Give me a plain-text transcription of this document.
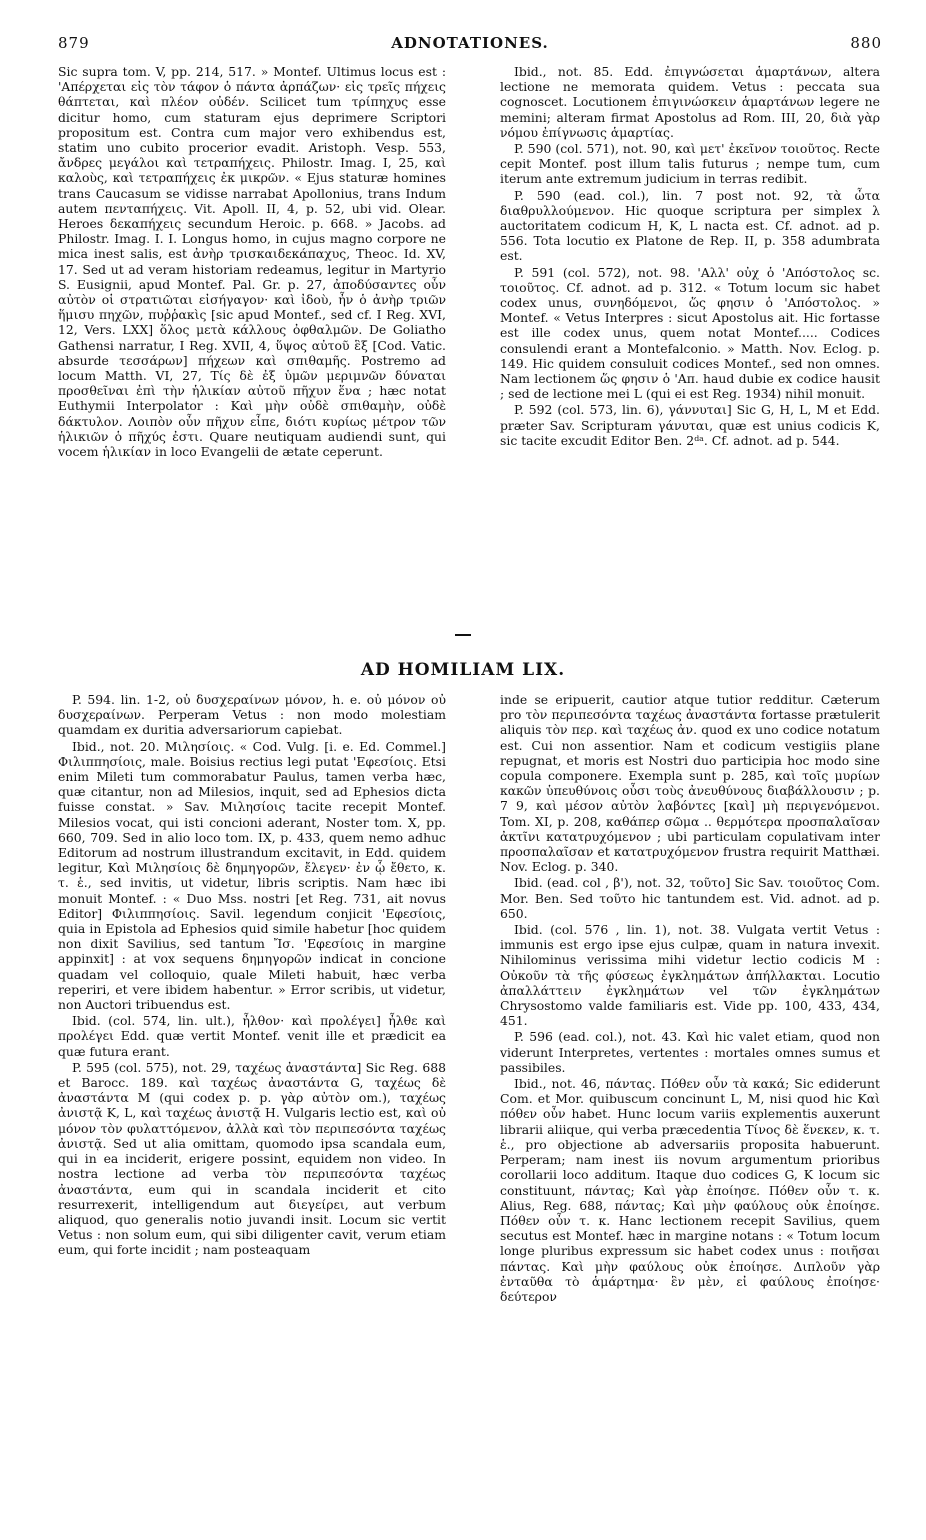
879	ADNOTATIONES.	880

Sic supra tom. V, pp. 214, 517. » Montef. Ultimus locus est : 'Απέρχεται εἰς τὸν τάφον ὁ πάντα ἀρπάζων· εἰς τρεῖς πήχεις θάπτεται, καὶ πλέον οὐδέν. Scilicet tum τρίπηχυς esse dicitur homo, cum staturam ejus deprimere Scriptori propositum est. Contra cum major vero exhibendus est, statim uno cubito procerior evadit. Aristoph. Vesp. 553, ἄνδρες μεγάλοι καὶ τετραπήχεις. Philostr. Imag. I, 25, καὶ καλοὺς, καὶ τετραπήχεις ἐκ μικρῶν. « Ejus staturæ homines trans Caucasum se vidisse narrabat Apollonius, trans Indum autem πενταπήχεις. Vit. Apoll. II, 4, p. 52, ubi vid. Olear. Heroes δεκαπήχεις secundum Heroic. p. 668. » Jacobs. ad Philostr. Imag. I. I. Longus homo, in cujus magno corpore ne mica inest salis, est ἀνὴρ τρισκαιδεκάπαχυς, Theoc. Id. XV, 17. Sed ut ad veram historiam redeamus, legitur in Martyrio S. Eusignii, apud Montef. Pal. Gr. p. 27, ἀποδύσαντες οὖν αὐτὸν οἱ στρατιῶται εἰσήγαγον· καὶ ἰδοὺ, ἦν ὁ ἀνὴρ τριῶν ἥμισυ πηχῶν, πυῤῥακὶς [sic apud Montef., sed cf. I Reg. XVI, 12, Vers. LXX] ὅλος μετὰ κάλλους ὀφθαλμῶν. De Goliatho Gathensi narratur, I Reg. XVII, 4, ὕψος αὐτοῦ ἓξ [Cod. Vatic. absurde τεσσάρων] πήχεων καὶ σπιθαμῆς. Postremo ad locum Matth. VI, 27, Τίς δὲ ἐξ ὑμῶν μεριμνῶν δύναται προσθεῖναι ἐπὶ τὴν ἡλικίαν αὐτοῦ πῆχυν ἕνα ; hæc notat Euthymii Interpolator : Καὶ μὴν οὐδὲ σπιθαμὴν, οὐδὲ δάκτυλον. Λοιπὸν οὖν πῆχυν εἶπε, διότι κυρίως μέτρον τῶν ἡλικιῶν ὁ πῆχύς ἐστι. Quare neutiquam audiendi sunt, qui vocem ἡλικίαν in loco Evangelii de ætate ceperunt.

Ibid., not. 85. Edd. ἐπιγνώσεται ἁμαρτάνων, altera lectione ne memorata quidem. Vetus : peccata sua cognoscet. Locutionem ἐπιγινώσκειν ἁμαρτάνων legere ne memini; alteram firmat Apostolus ad Rom. III, 20, διὰ γὰρ νόμου ἐπίγνωσις ἁμαρτίας.

P. 590 (col. 571), not. 90, καὶ μετ' ἐκεῖνον τοιοῦτος. Recte cepit Montef. post illum talis futurus ; nempe tum, cum iterum ante extremum judicium in terras redibit.

P. 590 (ead. col.), lin. 7 post not. 92, τὰ ὦτα διαθρυλλούμενον. Hic quoque scriptura per simplex λ auctoritatem codicum H, K, L nacta est. Cf. adnot. ad p. 556. Tota locutio ex Platone de Rep. II, p. 358 adumbrata est.

P. 591 (col. 572), not. 98. 'Αλλ' οὐχ ὁ 'Απόστολος sc. τοιοῦτος. Cf. adnot. ad p. 312. « Totum locum sic habet codex unus, συνηδόμενοι, ὥς φησιν ὁ 'Απόστολος. » Montef. « Vetus Interpres : sicut Apostolus ait. Hic fortasse est ille codex unus, quem notat Montef..... Codices consulendi erant a Montefalconio. » Matth. Nov. Eclog. p. 149. Hic quidem consuluit codices Montef., sed non omnes. Nam lectionem ὥς φησιν ὁ 'Απ. haud dubie ex codice hausit ; sed de lectione mei L (qui ei est Reg. 1934) nihil monuit.

P. 592 (col. 573, lin. 6), γάννυται] Sic G, H, L, M et Edd. præter Sav. Scripturam γάνυται, quæ est unius codicis K, sic tacite excudit Editor Ben. 2ᵈᵃ. Cf. adnot. ad p. 544.

AD HOMILIAM LIX.

P. 594. lin. 1-2, οὐ δυσχεραίνων μόνον, h. e. οὐ μόνον οὐ δυσχεραίνων. Perperam Vetus : non modo molestiam quamdam ex duritia adversariorum capiebat.

Ibid., not. 20. Μιλησίοις. « Cod. Vulg. [i. e. Ed. Commel.] Φιλιππησίοις, male. Boisius rectius legi putat 'Εφεσίοις. Etsi enim Mileti tum commorabatur Paulus, tamen verba hæc, quæ citantur, non ad Milesios, inquit, sed ad Ephesios dicta fuisse constat. » Sav. Μιλησίοις tacite recepit Montef. Milesios vocat, qui isti concioni aderant, Noster tom. X, pp. 660, 709. Sed in alio loco tom. IX, p. 433, quem nemo adhuc Editorum ad nostrum illustrandum excitavit, in Edd. quidem legitur, Καὶ Μιλησίοις δὲ δημηγορῶν, ἔλεγεν· ἐν ᾧ ἔθετο, κ. τ. ἑ., sed invitis, ut videtur, libris scriptis. Nam hæc ibi monuit Montef. : « Duo Mss. nostri [et Reg. 731, ait novus Editor] Φιλιππησίοις. Savil. legendum conjicit 'Εφεσίοις, quia in Epistola ad Ephesios quid simile habetur [hoc quidem non dixit Savilius, sed tantum Ἴσ. 'Εφεσίοις in margine appinxit] : at vox sequens δημηγορῶν indicat in concione quadam vel colloquio, quale Mileti habuit, hæc verba reperiri, et vere ibidem habentur. » Error scribis, ut videtur, non Auctori tribuendus est.

Ibid. (col. 574, lin. ult.), ἦλθον· καὶ προλέγει] ἦλθε καὶ προλέγει Edd. quæ vertit Montef. venit ille et prædicit ea quæ futura erant.

P. 595 (col. 575), not. 29, ταχέως ἀναστάντα] Sic Reg. 688 et Barocc. 189. καὶ ταχέως ἀναστάντα G, ταχέως δὲ ἀναστάντα M (qui codex p. p. γὰρ αὐτὸν om.), ταχέως ἀνιστᾷ K, L, καὶ ταχέως ἀνιστᾷ H. Vulgaris lectio est, καὶ οὐ μόνον τὸν φυλαττόμενον, ἀλλὰ καὶ τὸν περιπεσόντα ταχέως ἀνιστᾷ. Sed ut alia omittam, quomodo ipsa scandala eum, qui in ea inciderit, erigere possint, equidem non video. In nostra lectione ad verba τὸν περιπεσόντα ταχέως ἀναστάντα, eum qui in scandala inciderit et cito resurrexerit, intelligendum aut διεγείρει, aut verbum aliquod, quo generalis notio juvandi insit. Locum sic vertit Vetus : non solum eum, qui sibi diligenter cavit, verum etiam eum, qui forte incidit ; nam posteaquam

inde se eripuerit, cautior atque tutior redditur. Cæterum pro τὸν περιπεσόντα ταχέως ἀναστάντα fortasse prætulerit aliquis τὸν περ. καὶ ταχέως ἀν. quod ex uno codice notatum est. Cui non assentior. Nam et codicum vestigiis plane repugnat, et moris est Nostri duo participia hoc modo sine copula componere. Exempla sunt p. 285, καὶ τοῖς μυρίων κακῶν ὑπευθύνοις οὖσι τοὺς ἀνευθύνους διαβάλλουσιν ; p. 7 9, καὶ μέσον αὐτὸν λαβόντες [καὶ] μὴ περιγενόμενοι. Tom. XI, p. 208, καθάπερ σῶμα .. θερμότερα προσπαλαῖσαν ἀκτῖνι κατατρυχόμενον ; ubi particulam copulativam inter προσπαλαῖσαν et κατατρυχόμενον frustra requirit Matthæi. Nov. Eclog. p. 340.

Ibid. (ead. col , β'), not. 32, τοῦτο] Sic Sav. τοιοῦτος Com. Mor. Ben. Sed τοῦτο hic tantundem est. Vid. adnot. ad p. 650.

Ibid. (col. 576 , lin. 1), not. 38. Vulgata vertit Vetus : immunis est ergo ipse ejus culpæ, quam in natura invexit. Nihilominus verissima mihi videtur lectio codicis M : Οὐκοῦν τὰ τῆς φύσεως ἐγκλημάτων ἀπήλλακται. Locutio ἀπαλλάττειν ἐγκλημάτων vel τῶν ἐγκλημάτων Chrysostomo valde familiaris est. Vide pp. 100, 433, 434, 451.

P. 596 (ead. col.), not. 43. Καὶ hic valet etiam, quod non viderunt Interpretes, vertentes : mortales omnes sumus et passibiles.

Ibid., not. 46, πάντας. Πόθεν οὖν τὰ κακά; Sic ediderunt Com. et Mor. quibuscum concinunt L, M, nisi quod hic Καὶ πόθεν οὖν habet. Hunc locum variis explementis auxerunt librarii aliique, qui verba præcedentia Τίνος δὲ ἕνεκεν, κ. τ. ἑ., pro objectione ab adversariis proposita habuerunt. Perperam; nam inest iis novum argumentum prioribus corollarii loco additum. Itaque duo codices G, K locum sic constituunt, πάντας; Καὶ γὰρ ἐποίησε. Πόθεν οὖν τ. κ. Alius, Reg. 688, πάντας; Καὶ μὴν φαύλους οὐκ ἐποίησε. Πόθεν οὖν τ. κ. Hanc lectionem recepit Savilius, quem secutus est Montef. hæc in margine notans : « Totum locum longe pluribus expressum sic habet codex unus : ποιῆσαι πάντας. Καὶ μὴν φαύλους οὐκ ἐποίησε. Διπλοῦν γὰρ ἐνταῦθα τὸ ἁμάρτημα· ἓν μὲν, εἰ φαύλους ἐποίησε· δεύτερον
